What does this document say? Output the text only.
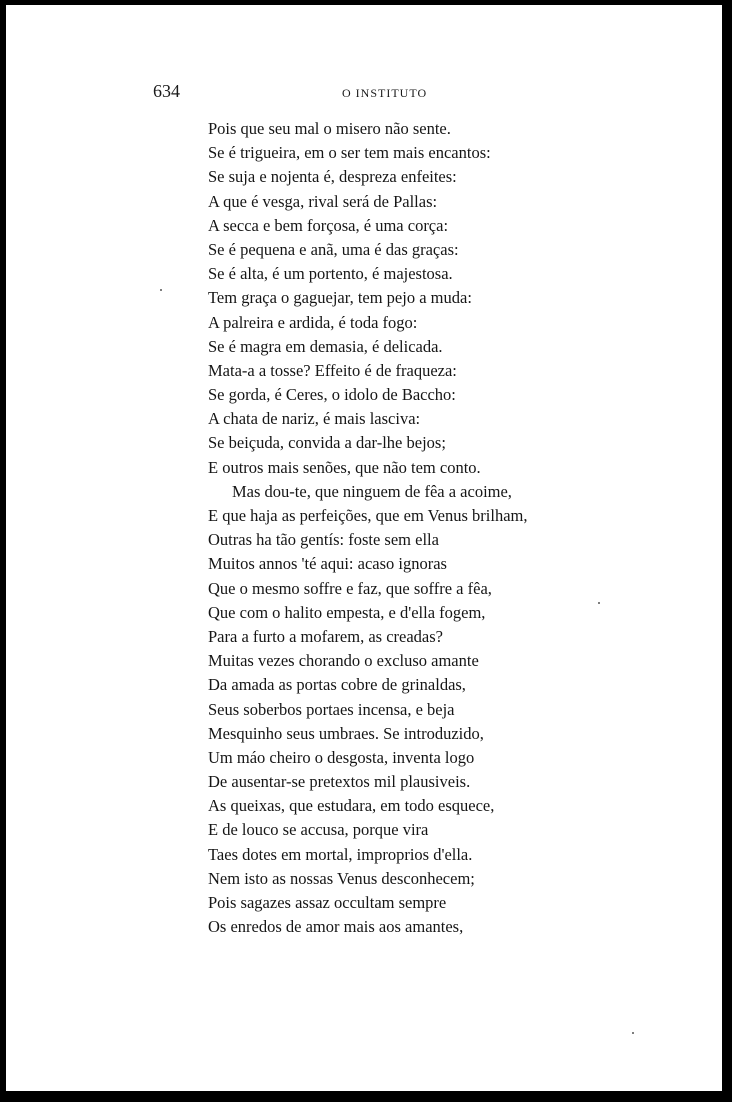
634	O INSTITUTO
Pois que seu mal o misero não sente.
Se é trigueira, em o ser tem mais encantos:
Se suja e nojenta é, despreza enfeites:
A que é vesga, rival será de Pallas:
A secca e bem forçosa, é uma corça:
Se é pequena e anã, uma é das graças:
Se é alta, é um portento, é majestosa.
Tem graça o gaguejar, tem pejo a muda:
A palreira e ardida, é toda fogo:
Se é magra em demasia, é delicada.
Mata-a a tosse? Effeito é de fraqueza:
Se gorda, é Ceres, o idolo de Baccho:
A chata de nariz, é mais lasciva:
Se beiçuda, convida a dar-lhe bejos;
E outros mais senões, que não tem conto.
Mas dou-te, que ninguem de fêa a acoime,
E que haja as perfeições, que em Venus brilham,
Outras ha tão gentís: foste sem ella
Muitos annos 'té aqui: acaso ignoras
Que o mesmo soffre e faz, que soffre a fêa,
Que com o halito empesta, e d'ella fogem,
Para a furto a mofarem, as creadas?
Muitas vezes chorando o excluso amante
Da amada as portas cobre de grinaldas,
Seus soberbos portaes incensa, e beja
Mesquinho seus umbraes. Se introduzido,
Um máo cheiro o desgosta, inventa logo
De ausentar-se pretextos mil plausiveis.
As queixas, que estudara, em todo esquece,
E de louco se accusa, porque vira
Taes dotes em mortal, improprios d'ella.
Nem isto as nossas Venus desconhecem;
Pois sagazes assaz occultam sempre
Os enredos de amor mais aos amantes,
